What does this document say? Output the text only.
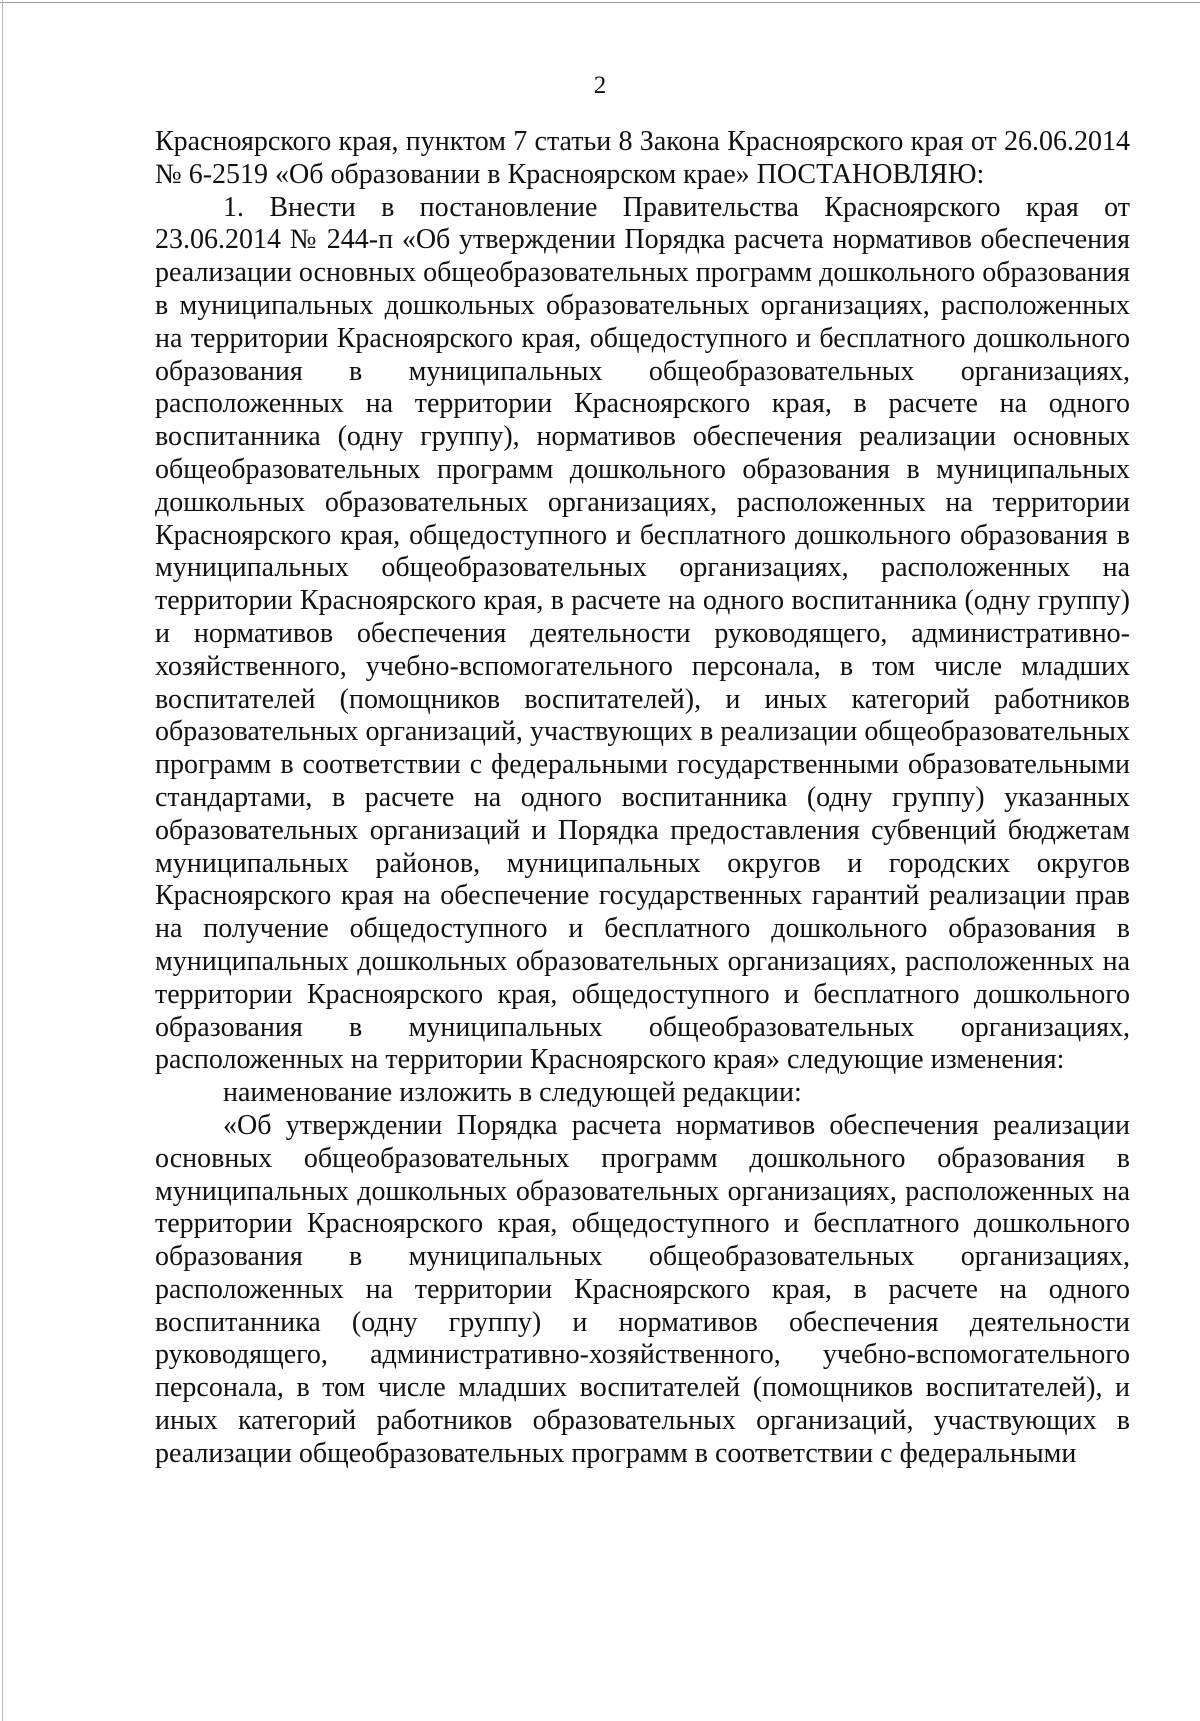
2

Красноярского края, пунктом 7 статьи 8 Закона Красноярского края от 26.06.2014 № 6-2519 «Об образовании в Красноярском крае» ПОСТАНОВЛЯЮ:

1. Внести в постановление Правительства Красноярского края от 23.06.2014 № 244-п «Об утверждении Порядка расчета нормативов обеспечения реализации основных общеобразовательных программ дошкольного образования в муниципальных дошкольных образовательных организациях, расположенных на территории Красноярского края, общедоступного и бесплатного дошкольного образования в муниципальных общеобразовательных организациях, расположенных на территории Красноярского края, в расчете на одного воспитанника (одну группу), нормативов обеспечения реализации основных общеобразовательных программ дошкольного образования в муниципальных дошкольных образовательных организациях, расположенных на территории Красноярского края, общедоступного и бесплатного дошкольного образования в муниципальных общеобразовательных организациях, расположенных на территории Красноярского края, в расчете на одного воспитанника (одну группу) и нормативов обеспечения деятельности руководящего, административно-хозяйственного, учебно-вспомогательного персонала, в том числе младших воспитателей (помощников воспитателей), и иных категорий работников образовательных организаций, участвующих в реализации общеобразовательных программ в соответствии с федеральными государственными образовательными стандартами, в расчете на одного воспитанника (одну группу) указанных образовательных организаций и Порядка предоставления субвенций бюджетам муниципальных районов, муниципальных округов и городских округов Красноярского края на обеспечение государственных гарантий реализации прав на получение общедоступного и бесплатного дошкольного образования в муниципальных дошкольных образовательных организациях, расположенных на территории Красноярского края, общедоступного и бесплатного дошкольного образования в муниципальных общеобразовательных организациях, расположенных на территории Красноярского края» следующие изменения:

наименование изложить в следующей редакции:

«Об утверждении Порядка расчета нормативов обеспечения реализации основных общеобразовательных программ дошкольного образования в муниципальных дошкольных образовательных организациях, расположенных на территории Красноярского края, общедоступного и бесплатного дошкольного образования в муниципальных общеобразовательных организациях, расположенных на территории Красноярского края, в расчете на одного воспитанника (одну группу) и нормативов обеспечения деятельности руководящего, административно-хозяйственного, учебно-вспомогательного персонала, в том числе младших воспитателей (помощников воспитателей), и иных категорий работников образовательных организаций, участвующих в реализации общеобразовательных программ в соответствии с федеральными
